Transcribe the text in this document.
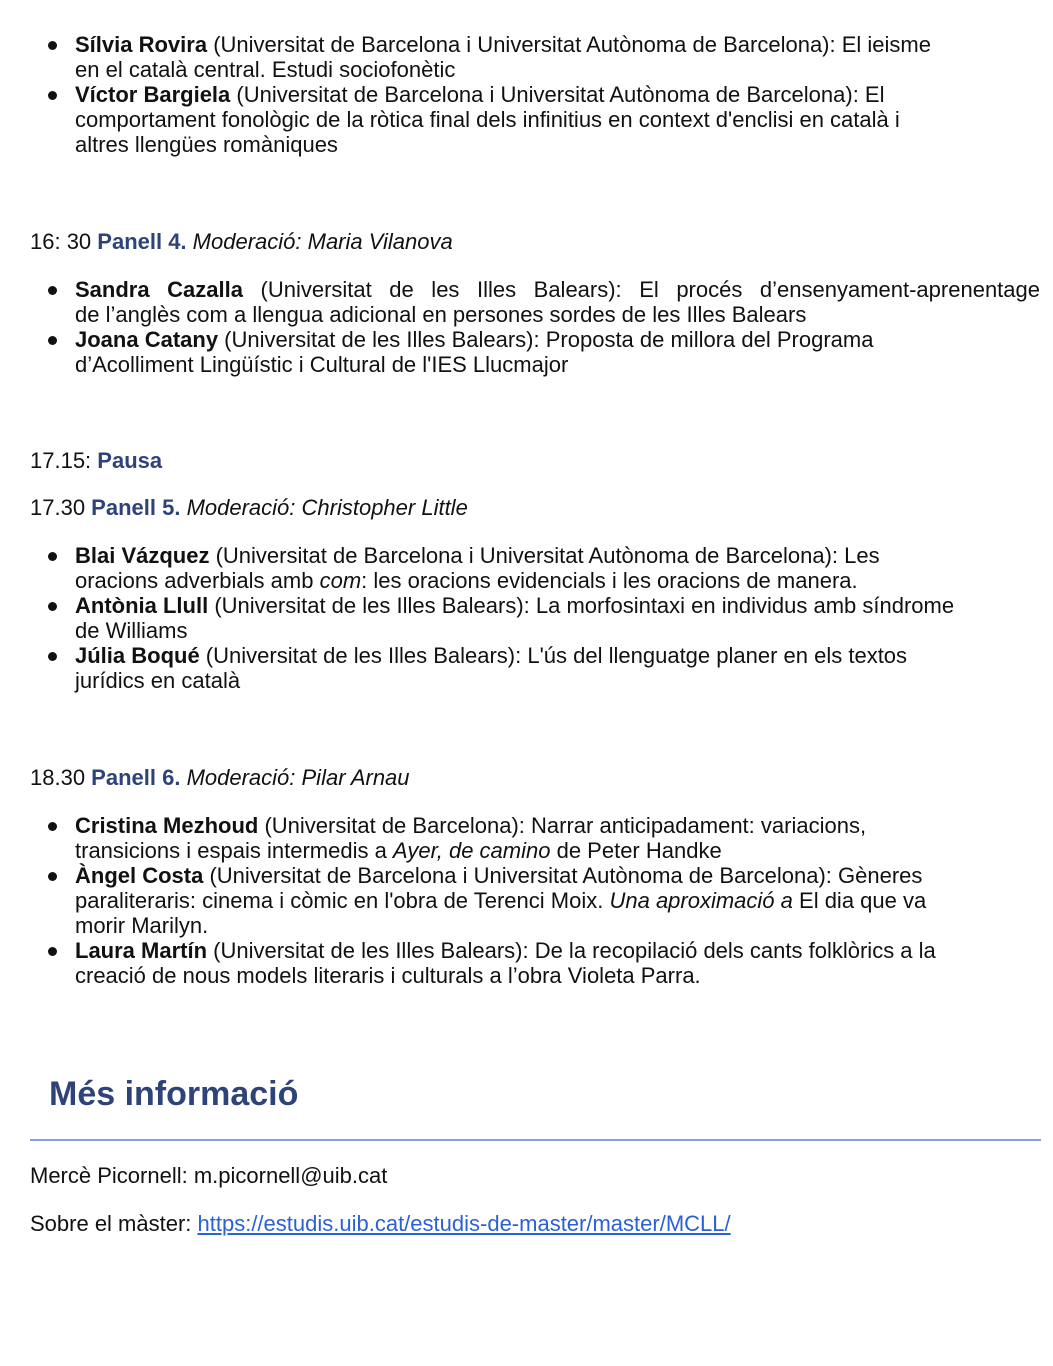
Sílvia Rovira (Universitat de Barcelona i Universitat Autònoma de Barcelona): El ieisme
en el català central. Estudi sociofonètic
Víctor Bargiela (Universitat de Barcelona i Universitat Autònoma de Barcelona): El
comportament fonològic de la ròtica final dels infinitius en context d'enclisi en català i
altres llengües romàniques
16: 30 Panell 4. Moderació: Maria Vilanova
Sandra Cazalla (Universitat de les Illes Balears): El procés d’ensenyament-aprenentage
de l’anglès com a llengua adicional en persones sordes de les Illes Balears
Joana Catany (Universitat de les Illes Balears): Proposta de millora del Programa
d’Acolliment Lingüístic i Cultural de l'IES Llucmajor
17.15: Pausa
17.30 Panell 5. Moderació: Christopher Little
Blai Vázquez (Universitat de Barcelona i Universitat Autònoma de Barcelona): Les
oracions adverbials amb com: les oracions evidencials i les oracions de manera.
Antònia Llull (Universitat de les Illes Balears): La morfosintaxi en individus amb síndrome
de Williams
Júlia Boqué (Universitat de les Illes Balears): L'ús del llenguatge planer en els textos
jurídics en català
18.30 Panell 6. Moderació: Pilar Arnau
Cristina Mezhoud (Universitat de Barcelona): Narrar anticipadament: variacions,
transicions i espais intermedis a Ayer, de camino de Peter Handke
Àngel Costa (Universitat de Barcelona i Universitat Autònoma de Barcelona): Gèneres
paraliteraris: cinema i còmic en l'obra de Terenci Moix. Una aproximació a El dia que va
morir Marilyn.
Laura Martín (Universitat de les Illes Balears): De la recopilació dels cants folklòrics a la
creació de nous models literaris i culturals a l’obra Violeta Parra.
Més informació
Mercè Picornell: m.picornell@uib.cat
Sobre el màster: https://estudis.uib.cat/estudis-de-master/master/MCLL/
